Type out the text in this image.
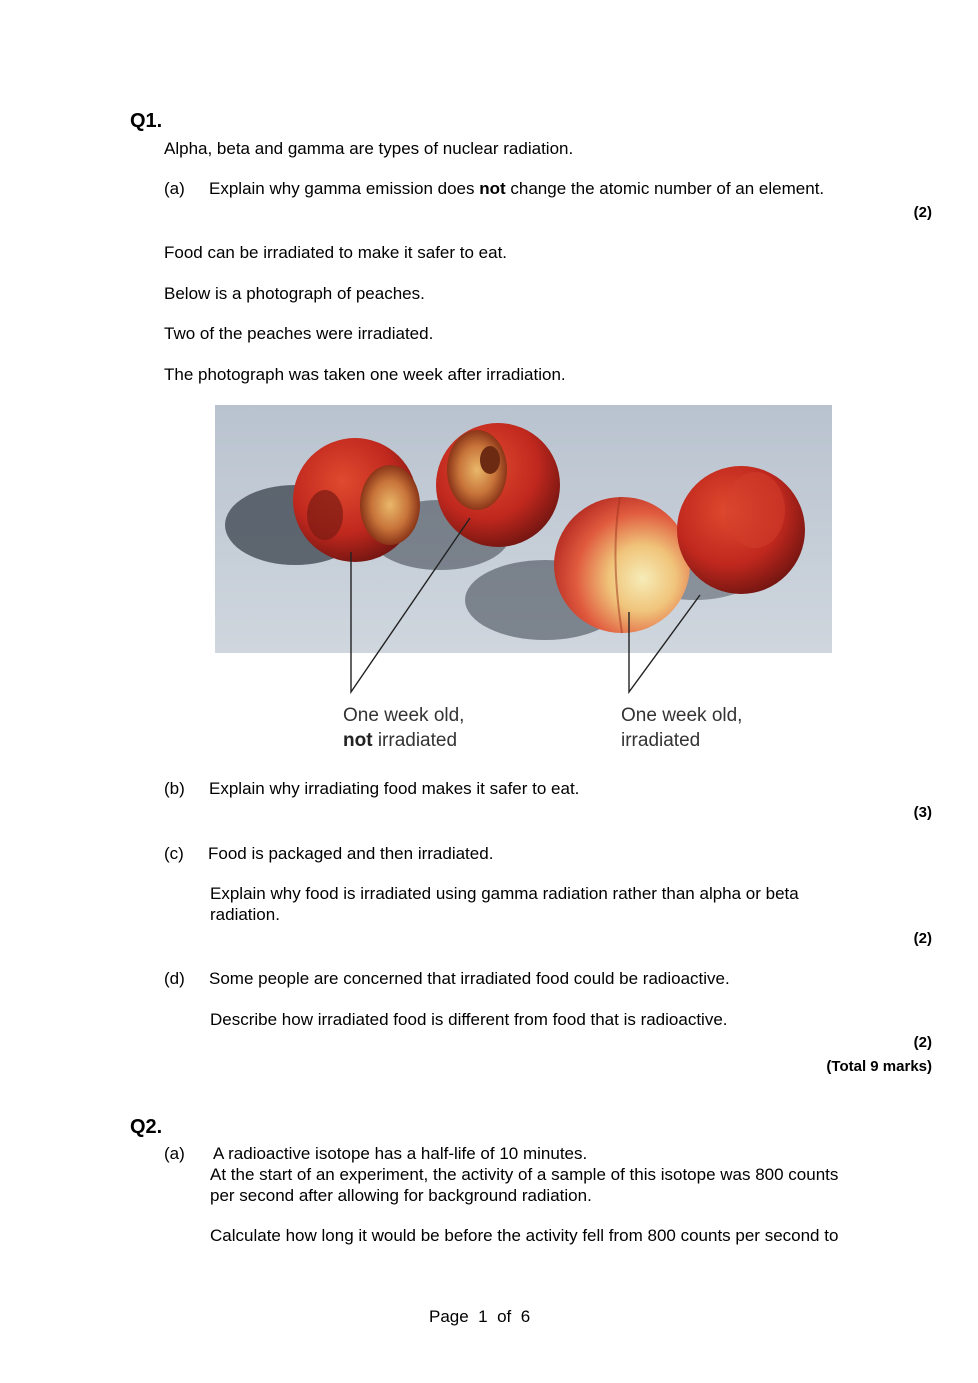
Q1.
Alpha, beta and gamma are types of nuclear radiation.
(a) Explain why gamma emission does not change the atomic number of an element.
(2)
Food can be irradiated to make it safer to eat.
Below is a photograph of peaches.
Two of the peaches were irradiated.
The photograph was taken one week after irradiation.
One week old,
not irradiated
One week old,
irradiated
(b) Explain why irradiating food makes it safer to eat.
(3)
(c) Food is packaged and then irradiated.
Explain why food is irradiated using gamma radiation rather than alpha or beta
radiation.
(2)
(d) Some people are concerned that irradiated food could be radioactive.
Describe how irradiated food is different from food that is radioactive.
(2)
(Total 9 marks)
Q2.
(a) A radioactive isotope has a half-life of 10 minutes.
At the start of an experiment, the activity of a sample of this isotope was 800 counts
per second after allowing for background radiation.
Calculate how long it would be before the activity fell from 800 counts per second to
Page 1 of 6
